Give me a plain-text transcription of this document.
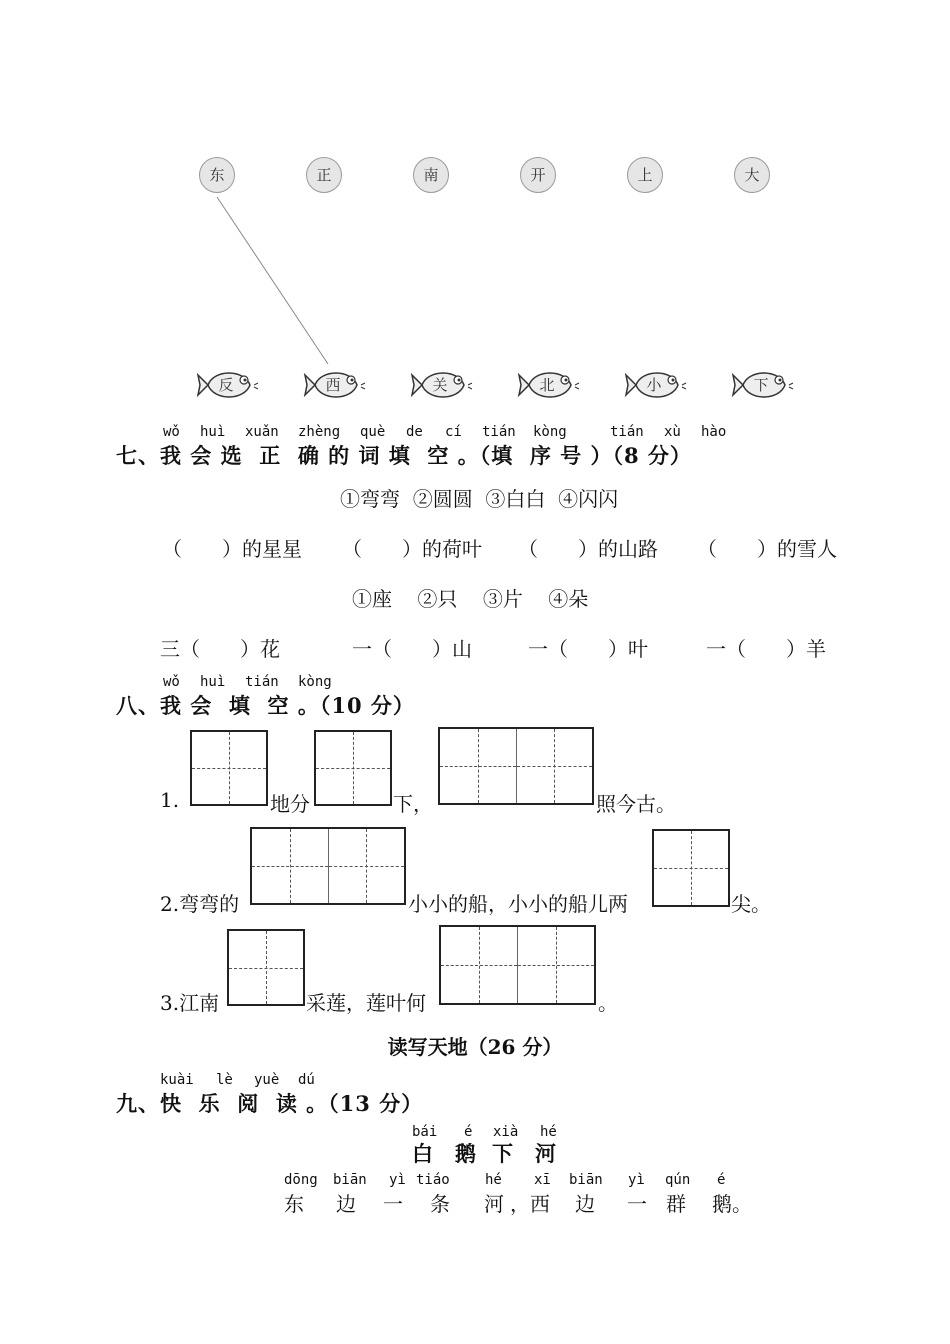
东	正	南	开	上	大
反	西	关	北	小	下
wǒ huì xuǎn zhèng què de cí tián kòng	tián xù hào
七、我 会 选  正  确 的 词 填  空 。（填  序 号 ）（8 分）
①弯弯  ②圆圆  ③白白  ④闪闪
（　　）的星星 （　　）的荷叶 （　　）的山路 （　　）的雪人
①座    ②只    ③片    ④朵
三（　　）花	一（　　）山	一（　　）叶	一（　　）羊
wǒ huì tián kòng
八、我 会  填  空 。（10 分）
1.	地分	下，	照今古。
2.弯弯的	小小的船，小小的船儿两	尖。
3.江南	采莲，莲叶何	。
读写天地（26 分）
kuài lè yuè dú
九、快  乐  阅  读 。（13 分）
bái é xià hé
白 鹅 下 河
dōng biān yì tiáo	hé xī biān yì qún é
东 边 一 条 河 ，西 边 一 群 鹅。
